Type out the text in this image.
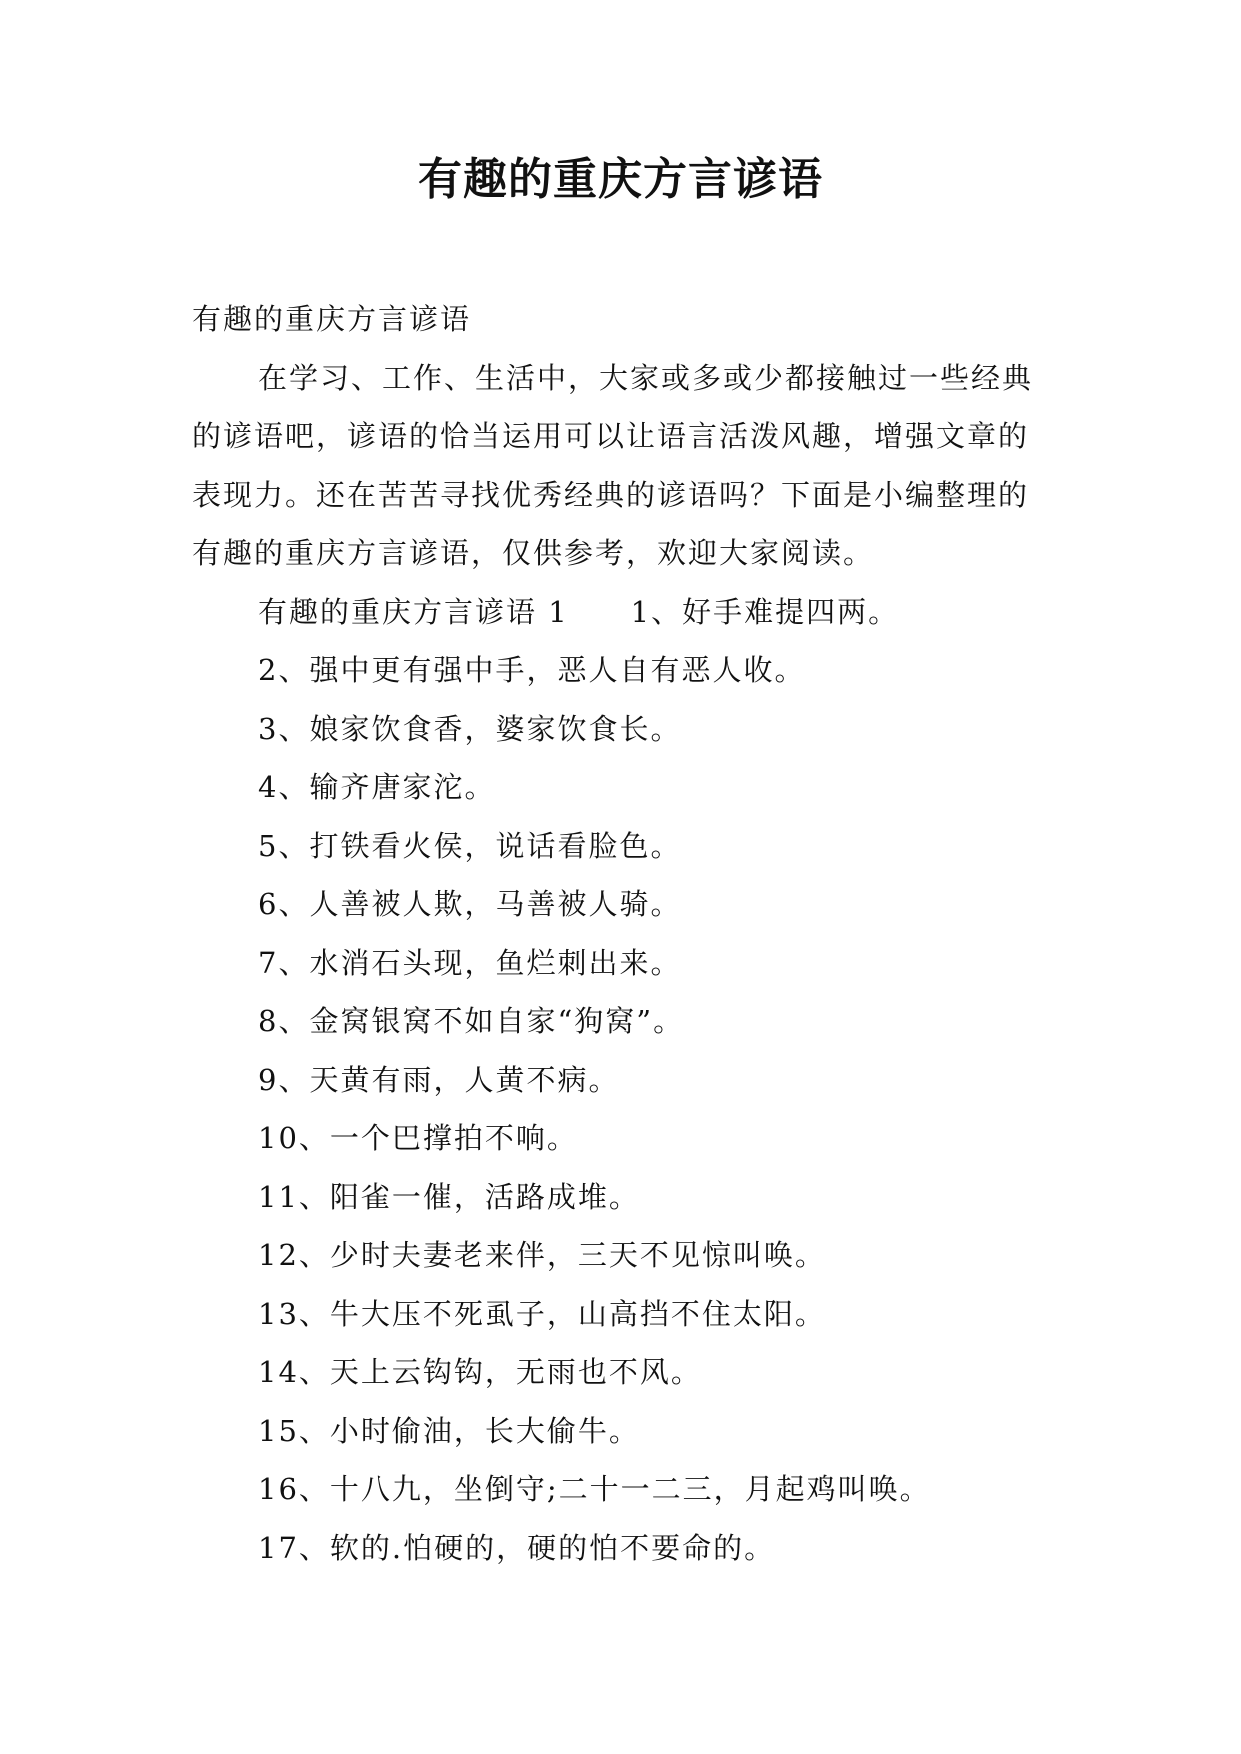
有趣的重庆方言谚语

有趣的重庆方言谚语

在学习、工作、生活中，大家或多或少都接触过一些经典的谚语吧，谚语的恰当运用可以让语言活泼风趣，增强文章的表现力。还在苦苦寻找优秀经典的谚语吗？下面是小编整理的有趣的重庆方言谚语，仅供参考，欢迎大家阅读。

有趣的重庆方言谚语 1 1、好手难提四两。

2、强中更有强中手，恶人自有恶人收。

3、娘家饮食香，婆家饮食长。

4、输齐唐家沱。

5、打铁看火侯，说话看脸色。

6、人善被人欺，马善被人骑。

7、水消石头现，鱼烂刺出来。

8、金窝银窝不如自家“狗窝”。

9、天黄有雨，人黄不病。

10、一个巴撑拍不响。

11、阳雀一催，活路成堆。

12、少时夫妻老来伴，三天不见惊叫唤。

13、牛大压不死虱子，山高挡不住太阳。

14、天上云钩钩，无雨也不风。

15、小时偷油，长大偷牛。

16、十八九，坐倒守;二十一二三，月起鸡叫唤。

17、软的.怕硬的，硬的怕不要命的。
